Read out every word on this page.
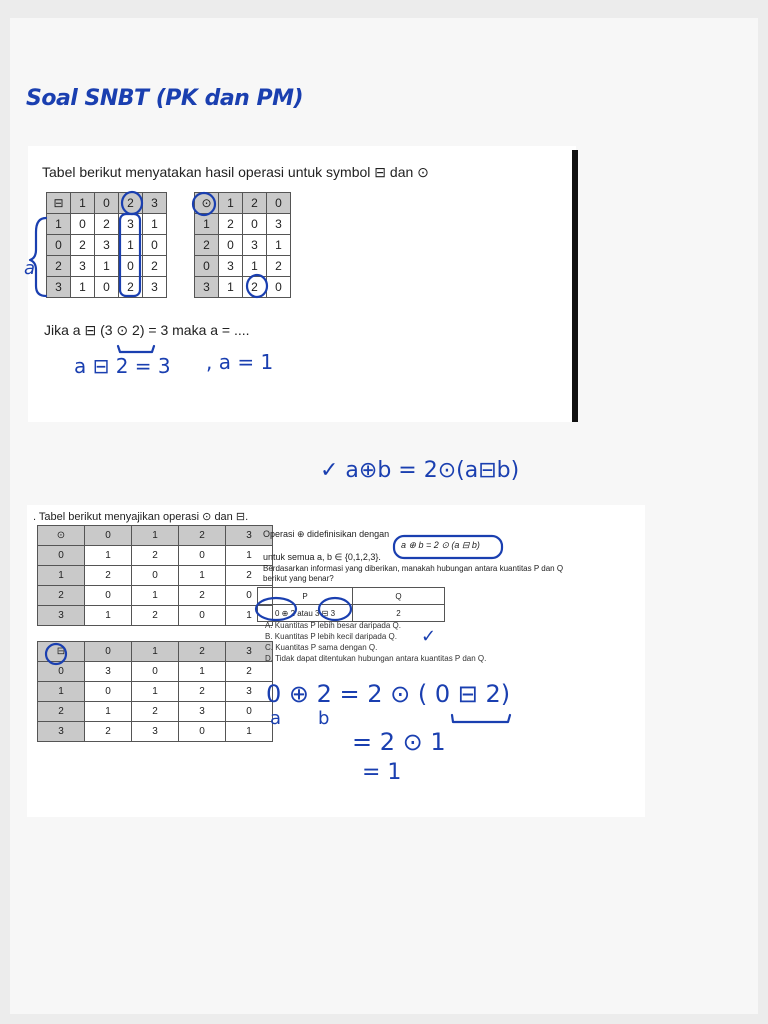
Soal SNBT (PK dan PM)
Tabel berikut menyatakan hasil operasi untuk symbol ⊟ dan ⊙
⊟	1	0	2	3
1	0	2	3	1
0	2	3	1	0
2	3	1	0	2
3	1	0	2	3
⊙	1	2	0
1	2	0	3
2	0	3	1
0	3	1	2
3	1	2	0
Jika a ⊟ (3 ⊙ 2) = 3 maka a = ....
a
a ⊟ 2 = 3 , a = 1
✓ a⊕b = 2⊙(a⊟b)
. Tabel berikut menyajikan operasi ⊙ dan ⊟.
⊙	0	1	2	3
0	1	2	0	1
1	2	0	1	2
2	0	1	2	0
3	1	2	0	1
⊟	0	1	2	3
0	3	0	1	2
1	0	1	2	3
2	1	2	3	0
3	2	3	0	1
Operasi ⊕ didefinisikan dengan
a ⊕ b = 2 ⊙ (a ⊟ b)
untuk semua a, b ∈ {0,1,2,3}.
Berdasarkan informasi yang diberikan, manakah hubungan antara kuantitas P dan Q
berikut yang benar?
P	Q
0 ⊕ 2 atau 3 ⊟ 3	2
A. Kuantitas P lebih besar daripada Q.
B. Kuantitas P lebih kecil daripada Q.
C. Kuantitas P sama dengan Q.
D. Tidak dapat ditentukan hubungan antara kuantitas P dan Q.
✓
0 ⊕ 2 = 2 ⊙ ( 0 ⊟ 2)
a b
= 2 ⊙ 1
= 1
